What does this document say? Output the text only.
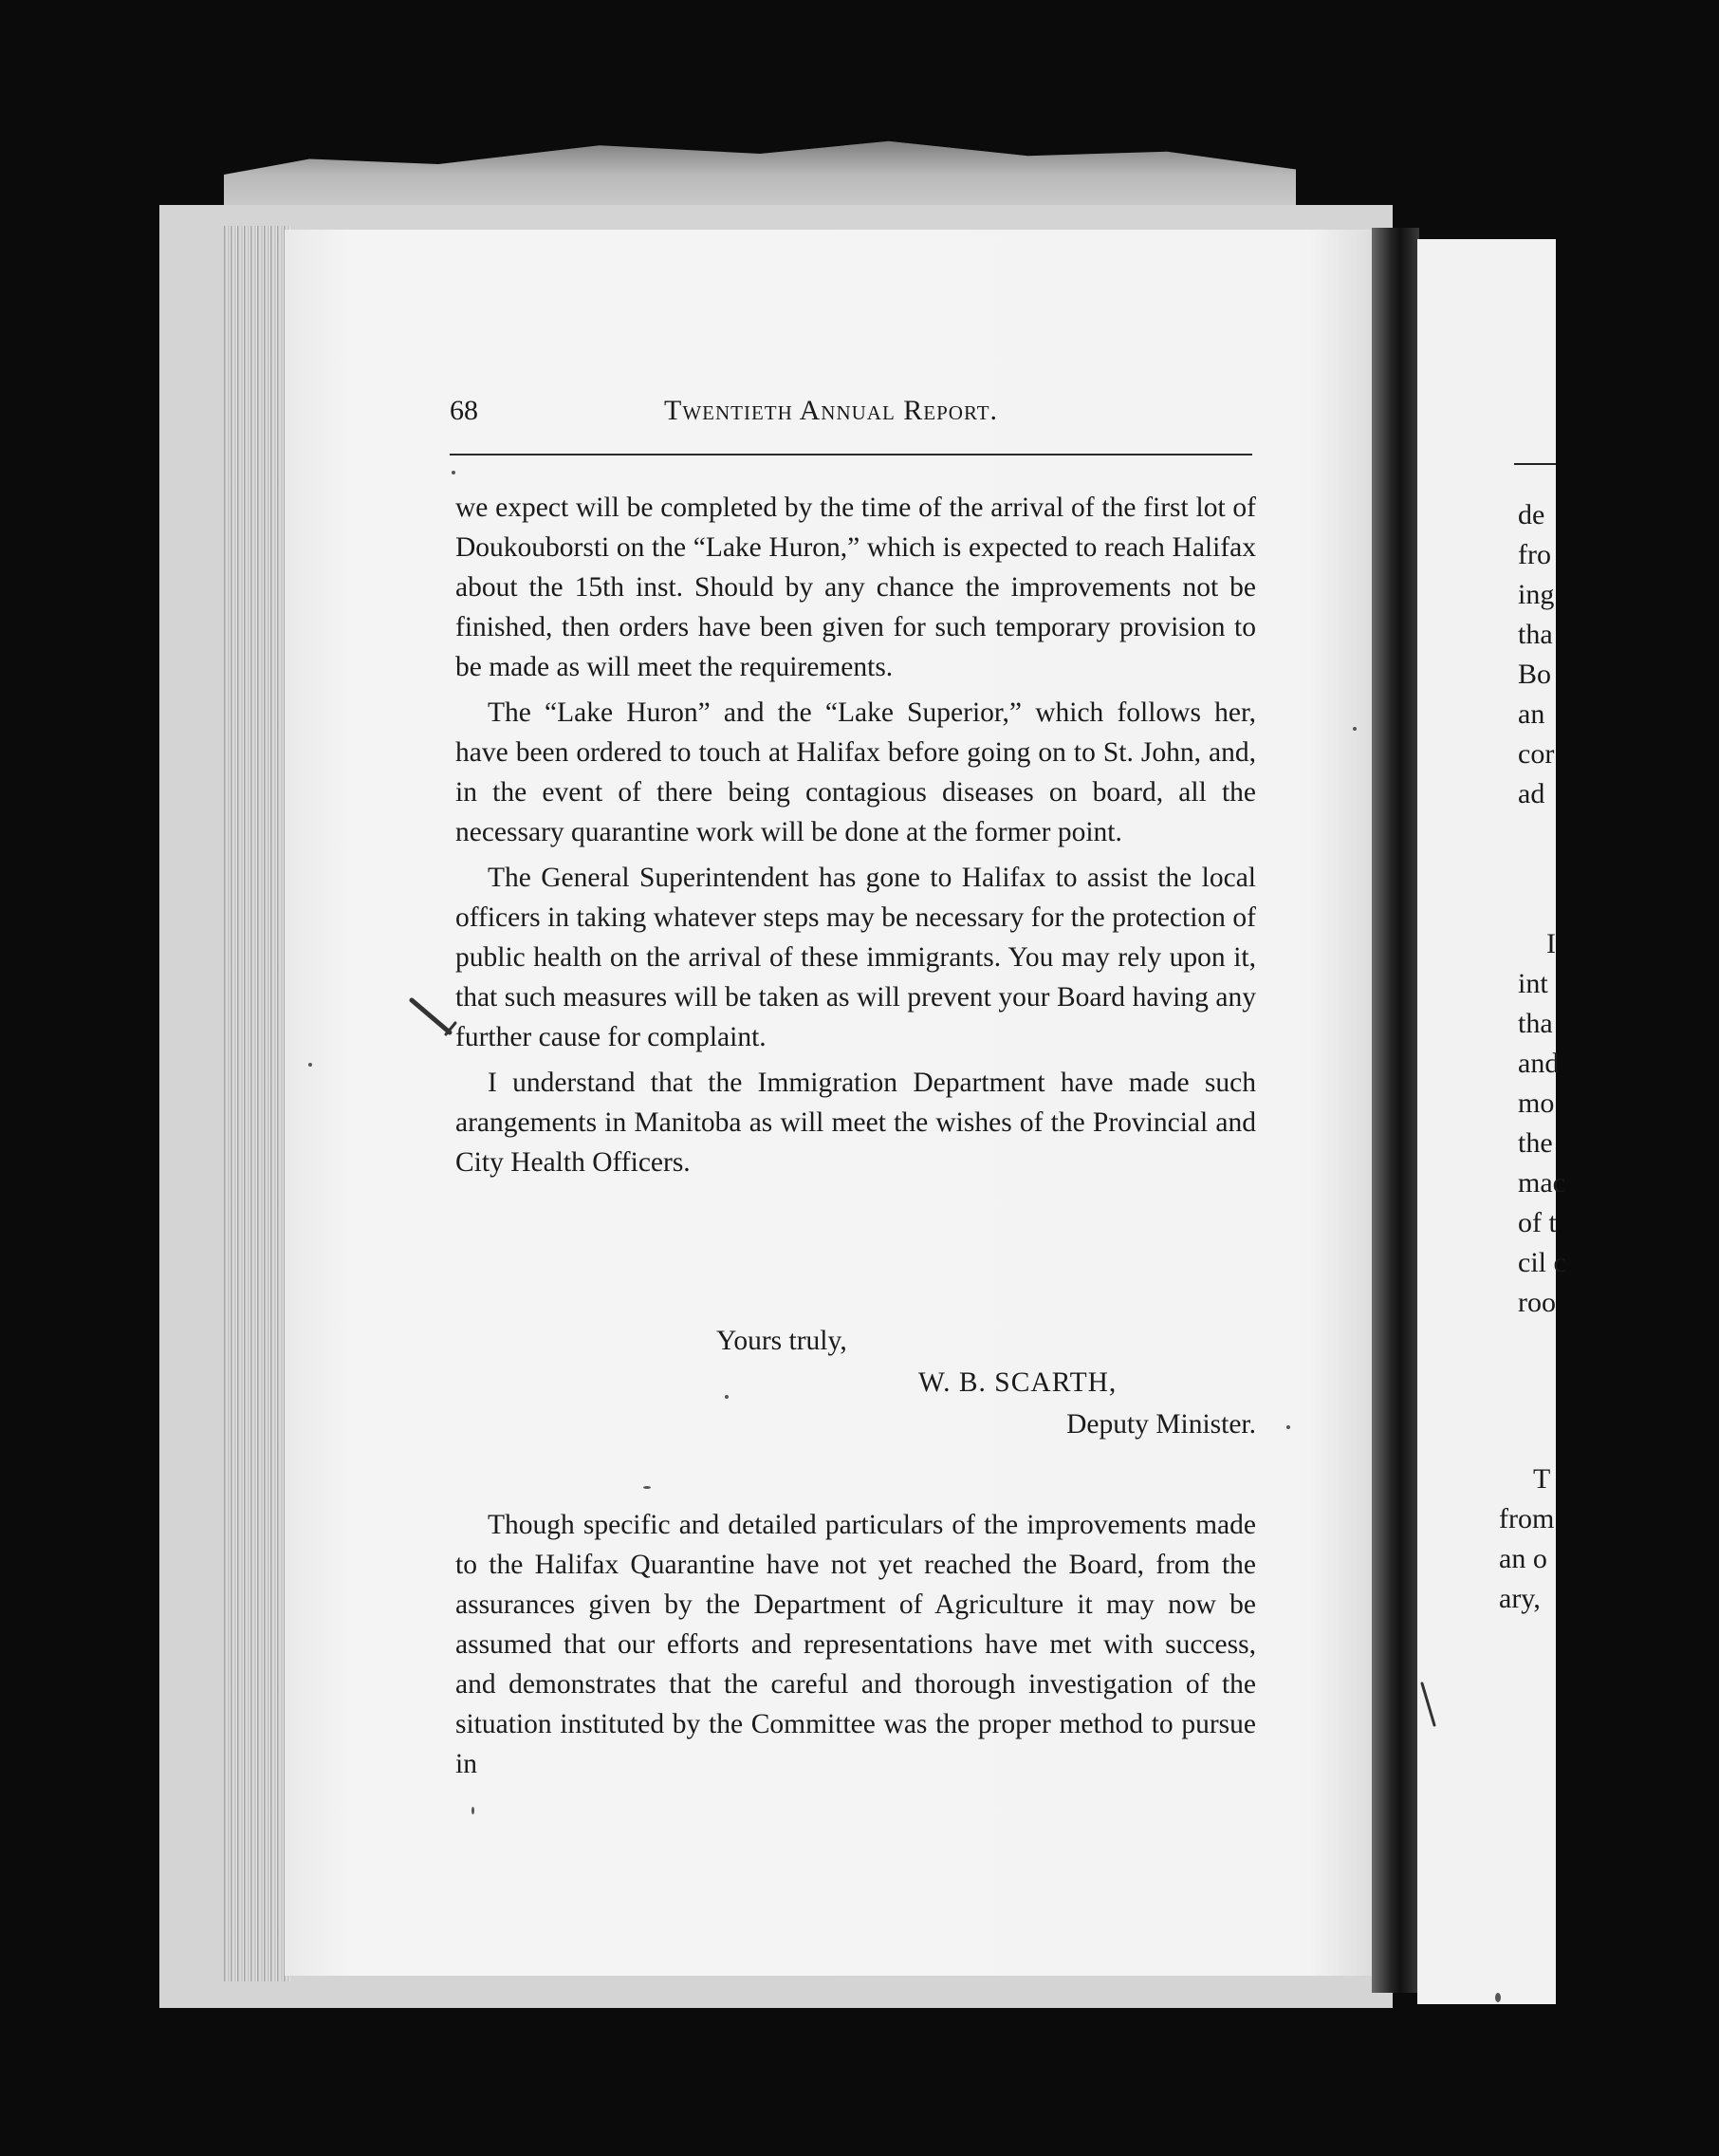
de
fro
ing
tha
Bo
an
cor
ad
I
int
tha
and
mo
the
mac
of t
cil c
roo
T
from
an o
ary,
68	Twentieth Annual Report.

we expect will be completed by the time of the arrival of the first lot of Doukouborsti on the “Lake Huron,” which is expected to reach Halifax about the 15th inst. Should by any chance the improvements not be finished, then orders have been given for such temporary provision to be made as will meet the requirements.

The “Lake Huron” and the “Lake Superior,” which follows her, have been ordered to touch at Halifax before going on to St. John, and, in the event of there being contagious diseases on board, all the necessary quarantine work will be done at the former point.

The General Superintendent has gone to Halifax to assist the local officers in taking whatever steps may be necessary for the protection of public health on the arrival of these immigrants. You may rely upon it, that such measures will be taken as will prevent your Board having any further cause for complaint.

I understand that the Immigration Department have made such arangements in Manitoba as will meet the wishes of the Provincial and City Health Officers.

Yours truly,
W. B. SCARTH,
Deputy Minister.

Though specific and detailed particulars of the improvements made to the Halifax Quarantine have not yet reached the Board, from the assurances given by the Department of Agriculture it may now be assumed that our efforts and representations have met with success, and demonstrates that the careful and thorough investigation of the situation instituted by the Committee was the proper method to pursue in
